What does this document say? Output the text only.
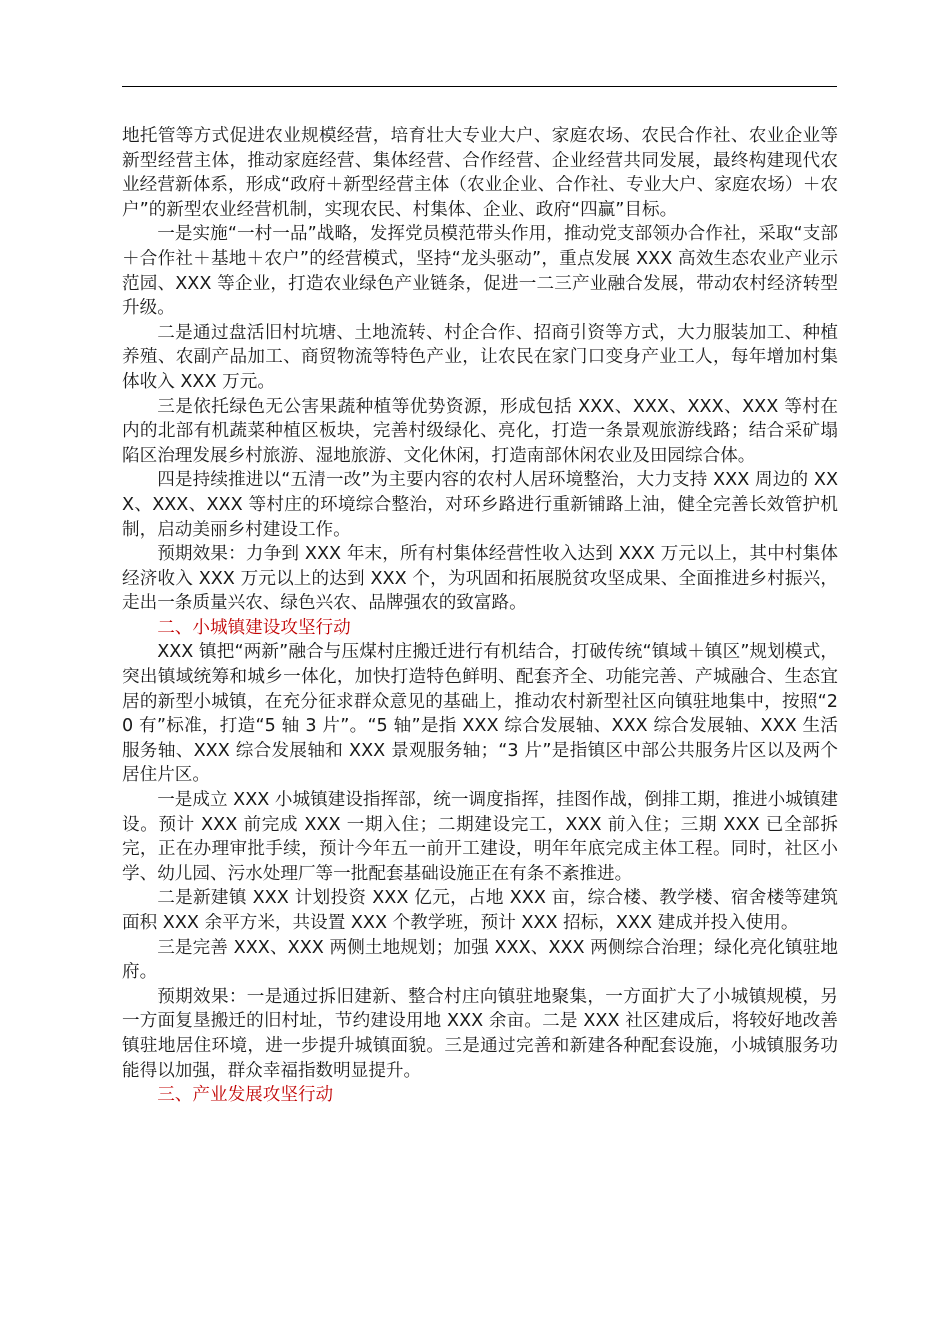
地托管等方式促进农业规模经营，培育壮大专业大户、家庭农场、农民合作社、农业企业等新型经营主体，推动家庭经营、集体经营、合作经营、企业经营共同发展，最终构建现代农业经营新体系，形成“政府＋新型经营主体（农业企业、合作社、专业大户、家庭农场）＋农户”的新型农业经营机制，实现农民、村集体、企业、政府“四赢”目标。

一是实施“一村一品”战略，发挥党员模范带头作用，推动党支部领办合作社，采取“支部＋合作社＋基地＋农户”的经营模式，坚持“龙头驱动”，重点发展 XXX 高效生态农业产业示范园、XXX 等企业，打造农业绿色产业链条，促进一二三产业融合发展，带动农村经济转型升级。

二是通过盘活旧村坑塘、土地流转、村企合作、招商引资等方式，大力服装加工、种植养殖、农副产品加工、商贸物流等特色产业，让农民在家门口变身产业工人，每年增加村集体收入 XXX 万元。

三是依托绿色无公害果蔬种植等优势资源，形成包括 XXX、XXX、XXX、XXX 等村在内的北部有机蔬菜种植区板块，完善村级绿化、亮化，打造一条景观旅游线路；结合采矿塌陷区治理发展乡村旅游、湿地旅游、文化休闲，打造南部休闲农业及田园综合体。

四是持续推进以“五清一改”为主要内容的农村人居环境整治，大力支持 XXX 周边的 XXX、XXX、XXX 等村庄的环境综合整治，对环乡路进行重新铺路上油，健全完善长效管护机制，启动美丽乡村建设工作。

预期效果：力争到 XXX 年末，所有村集体经营性收入达到 XXX 万元以上，其中村集体经济收入 XXX 万元以上的达到 XXX 个，为巩固和拓展脱贫攻坚成果、全面推进乡村振兴，走出一条质量兴农、绿色兴农、品牌强农的致富路。

二、小城镇建设攻坚行动

XXX 镇把“两新”融合与压煤村庄搬迁进行有机结合，打破传统“镇域＋镇区”规划模式，突出镇域统筹和城乡一体化，加快打造特色鲜明、配套齐全、功能完善、产城融合、生态宜居的新型小城镇，在充分征求群众意见的基础上，推动农村新型社区向镇驻地集中，按照“20 有”标准，打造“5 轴 3 片”。“5 轴”是指 XXX 综合发展轴、XXX 综合发展轴、XXX 生活服务轴、XXX 综合发展轴和 XXX 景观服务轴；“3 片”是指镇区中部公共服务片区以及两个居住片区。

一是成立 XXX 小城镇建设指挥部，统一调度指挥，挂图作战，倒排工期，推进小城镇建设。预计 XXX 前完成 XXX 一期入住；二期建设完工，XXX 前入住；三期 XXX 已全部拆完，正在办理审批手续，预计今年五一前开工建设，明年年底完成主体工程。同时，社区小学、幼儿园、污水处理厂等一批配套基础设施正在有条不紊推进。

二是新建镇 XXX 计划投资 XXX 亿元，占地 XXX 亩，综合楼、教学楼、宿舍楼等建筑面积 XXX 余平方米，共设置 XXX 个教学班，预计 XXX 招标，XXX 建成并投入使用。

三是完善 XXX、XXX 两侧土地规划；加强 XXX、XXX 两侧综合治理；绿化亮化镇驻地府。

预期效果：一是通过拆旧建新、整合村庄向镇驻地聚集，一方面扩大了小城镇规模，另一方面复垦搬迁的旧村址，节约建设用地 XXX 余亩。二是 XXX 社区建成后，将较好地改善镇驻地居住环境，进一步提升城镇面貌。三是通过完善和新建各种配套设施，小城镇服务功能得以加强，群众幸福指数明显提升。

三、产业发展攻坚行动
